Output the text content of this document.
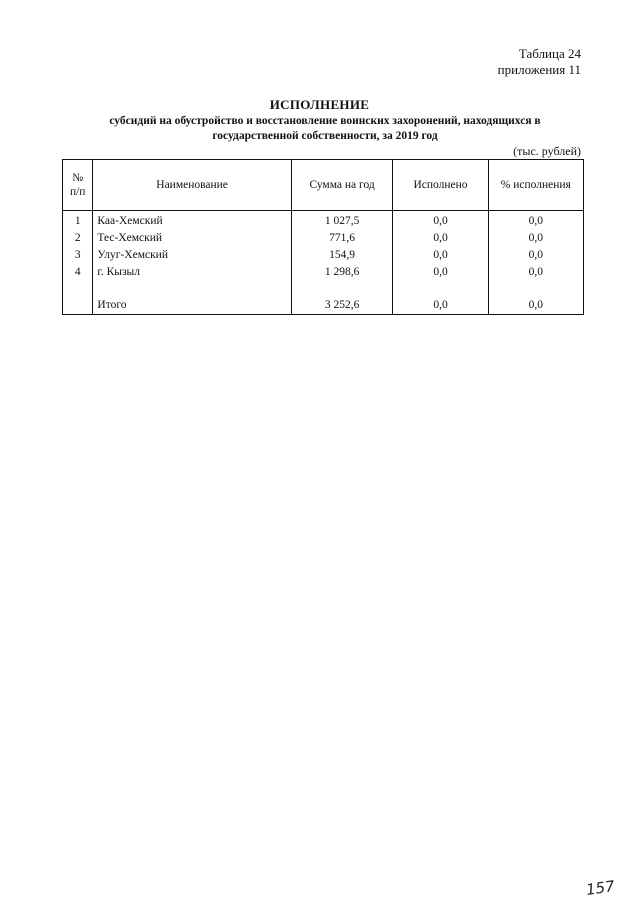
Таблица 24
приложения 11
ИСПОЛНЕНИЕ
субсидий на обустройство и восстановление воинских захоронений, находящихся в государственной собственности, за 2019 год
(тыс. рублей)
№
п/п	Наименование	Сумма на год	Исполнено	% исполнения
1	Каа-Хемский	1 027,5	0,0	0,0
2	Тес-Хемский	771,6	0,0	0,0
3	Улуг-Хемский	154,9	0,0	0,0
4	г. Кызыл	1 298,6	0,0	0,0

	Итого	3 252,6	0,0	0,0
157
